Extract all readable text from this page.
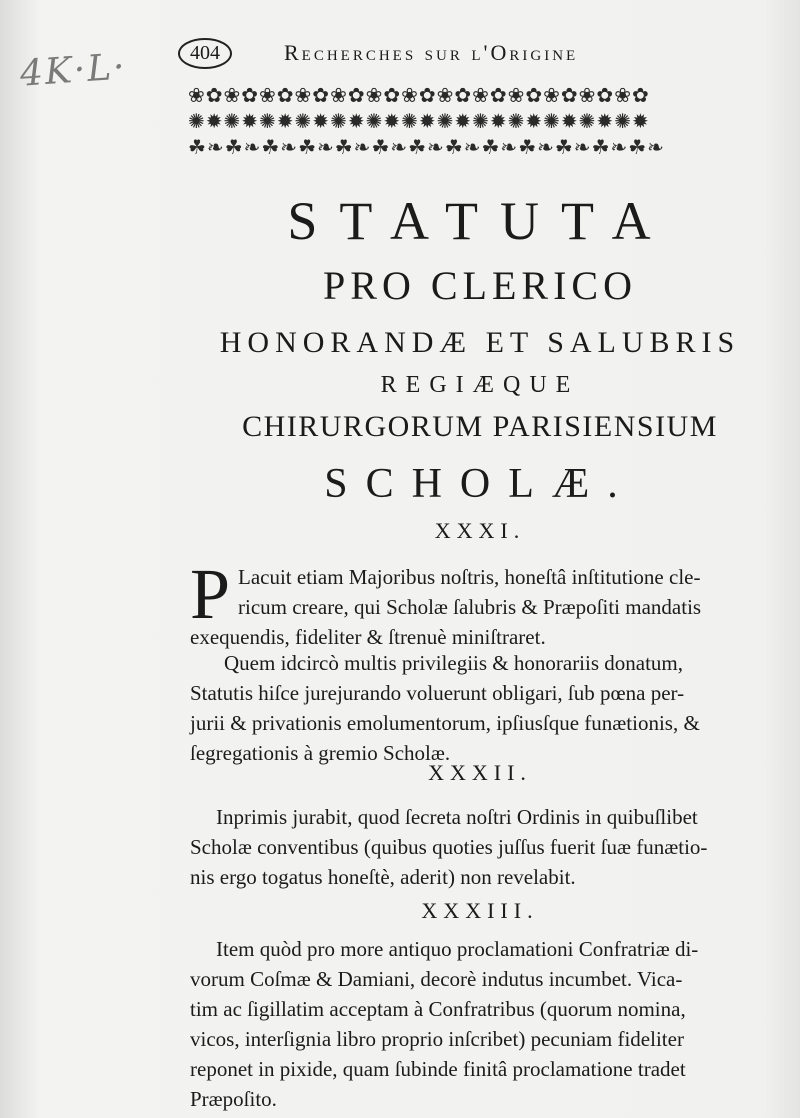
4K·L·	404	Recherches sur l'Origine
❀✿❀✿❀✿❀✿❀✿❀✿❀✿❀✿❀✿❀✿❀✿❀✿❀✿
✺✹✺✹✺✹✺✹✺✹✺✹✺✹✺✹✺✹✺✹✺✹✺✹✺✹
☘❧☘❧☘❧☘❧☘❧☘❧☘❧☘❧☘❧☘❧☘❧☘❧☘❧
STATUTA
PRO CLERICO
HONORANDÆ ET SALUBRIS
REGIÆQUE
CHIRURGORUM PARISIENSIUM
SCHOLÆ.
XXXI.
P Lacuit etiam Majoribus noſtris, honeſtâ inſtitutione cle-
ricum creare, qui Scholæ ſalubris & Præpoſiti mandatis
exequendis, fideliter & ſtrenuè miniſtraret.
Quem idcircò multis privilegiis & honorariis donatum,
Statutis hiſce jurejurando voluerunt obligari, ſub pœna per-
jurii & privationis emolumentorum, ipſiusſque funætionis, &
ſegregationis à gremio Scholæ.
XXXII.
Inprimis jurabit, quod ſecreta noſtri Ordinis in quibuſlibet
Scholæ conventibus (quibus quoties juſſus fuerit ſuæ funætio-
nis ergo togatus honeſtè, aderit) non revelabit.
XXXIII.
Item quòd pro more antiquo proclamationi Confratriæ di-
vorum Coſmæ & Damiani, decorè indutus incumbet. Vica-
tim ac ſigillatim acceptam à Confratribus (quorum nomina,
vicos, interſignia libro proprio inſcribet) pecuniam fideliter
reponet in pixide, quam ſubinde finitâ proclamatione tradet
Præpoſito.
